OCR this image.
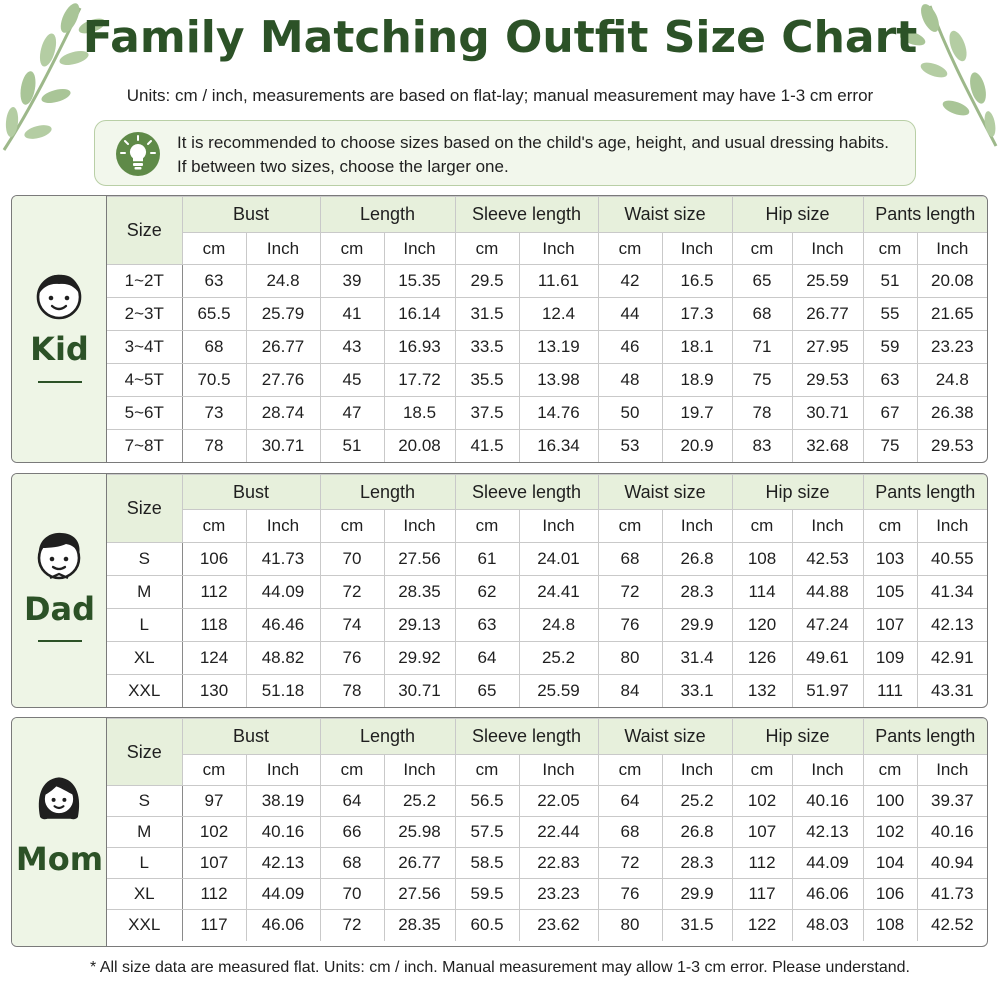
Family Matching Outfit Size Chart
Units: cm / inch, measurements are based on flat-lay; manual measurement may have 1-3 cm error
It is recommended to choose sizes based on the child's age, height, and usual dressing habits.
If between two sizes, choose the larger one.
Kid
Size	Bust		Length		Sleeve length		Waist size		Hip size		Pants length	
	cm	Inch	cm	Inch	cm	Inch	cm	Inch	cm	Inch	cm	Inch
1~2T	63	24.8	39	15.35	29.5	11.61	42	16.5	65	25.59	51	20.08
2~3T	65.5	25.79	41	16.14	31.5	12.4	44	17.3	68	26.77	55	21.65
3~4T	68	26.77	43	16.93	33.5	13.19	46	18.1	71	27.95	59	23.23
4~5T	70.5	27.76	45	17.72	35.5	13.98	48	18.9	75	29.53	63	24.8
5~6T	73	28.74	47	18.5	37.5	14.76	50	19.7	78	30.71	67	26.38
7~8T	78	30.71	51	20.08	41.5	16.34	53	20.9	83	32.68	75	29.53
Dad
Size	Bust		Length		Sleeve length		Waist size		Hip size		Pants length	
	cm	Inch	cm	Inch	cm	Inch	cm	Inch	cm	Inch	cm	Inch
S	106	41.73	70	27.56	61	24.01	68	26.8	108	42.53	103	40.55
M	112	44.09	72	28.35	62	24.41	72	28.3	114	44.88	105	41.34
L	118	46.46	74	29.13	63	24.8	76	29.9	120	47.24	107	42.13
XL	124	48.82	76	29.92	64	25.2	80	31.4	126	49.61	109	42.91
XXL	130	51.18	78	30.71	65	25.59	84	33.1	132	51.97	111	43.31
Mom
Size	Bust		Length		Sleeve length		Waist size		Hip size		Pants length	
	cm	Inch	cm	Inch	cm	Inch	cm	Inch	cm	Inch	cm	Inch
S	97	38.19	64	25.2	56.5	22.05	64	25.2	102	40.16	100	39.37
M	102	40.16	66	25.98	57.5	22.44	68	26.8	107	42.13	102	40.16
L	107	42.13	68	26.77	58.5	22.83	72	28.3	112	44.09	104	40.94
XL	112	44.09	70	27.56	59.5	23.23	76	29.9	117	46.06	106	41.73
XXL	117	46.06	72	28.35	60.5	23.62	80	31.5	122	48.03	108	42.52
* All size data are measured flat. Units: cm / inch. Manual measurement may allow 1-3 cm error. Please understand.
